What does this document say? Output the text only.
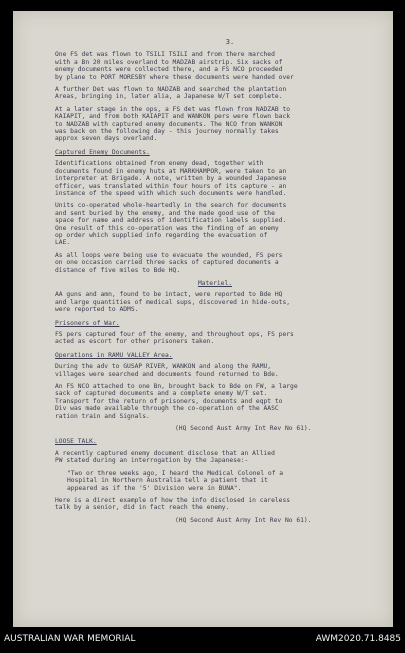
3.
One FS det was flown to TSILI TSILI and from there marched
with a Bn 20 miles overland to MADZAB airstrip. Six sacks of
enemy documents were collected there, and a FS NCO proceeded
by plane to PORT MORESBY where these documents were handed over
A further Det was flown to NADZAB and searched the plantation
Areas, bringing in, later alia, a Japanese W/T set complete.
At a later stage in the ops, a FS det was flown from NADZAB to
KAIAPIT, and from both KAIAPIT and WANKON pers were flown back
to NADZAB with captured enemy documents. The NCO from WANKON
was back on the following day - this journey normally takes
approx seven days overland.
Captured Enemy Documents.
Identifications obtained from enemy dead, together with
documents found in enemy huts at MARKHAMPOR, were taken to an
interpreter at Brigade. A note, written by a wounded Japanese
officer, was translated within four hours of its capture - an
instance of the speed with which such documents were handled.
Units co-operated whole-heartedly in the search for documents
and sent buried by the enemy, and the made good use of the
space for name and address of identification labels supplied.
One result of this co-operation was the finding of an enemy
op order which supplied info regarding the evacuation of
LAE.
As all loops were being use to evacuate the wounded, FS pers
on one occasion carried three sacks of captured documents a
distance of five miles to Bde HQ.
Materiel.
AA guns and amn, found to be intact, were reported to Bde HQ
and large quantities of medical sups, discovered in hide-outs,
were reported to ADMS.
Prisoners of War.
FS pers captured four of the enemy, and throughout ops, FS pers
acted as escort for other prisoners taken.
Operations in RAMU VALLEY Area.
During the adv to GUSAP RIVER, WANKON and along the RAMU,
villages were searched and documents found returned to Bde.
An FS NCO attached to one Bn, brought back to Bde on FW, a large
sack of captured documents and a complete enemy W/T set.
Transport for the return of prisoners, documents and eqpt to
Div was made available through the co-operation of the AASC
ration train and Signals.
(HQ Second Aust Army Int Rev No 61).
LOOSE TALK.
A recently captured enemy document disclose that an Allied
PW stated during an interrogation by the Japanese:-
"Two or three weeks ago, I heard the Medical Colonel of a
Hospital in Northern Australia tell a patient that it
appeared as if the '5' Division were in BUNA".
Here is a direct example of how the info disclosed in careless
talk by a senior, did in fact reach the enemy.
(HQ Second Aust Army Int Rev No 61).
AUSTRALIAN WAR MEMORIAL	AWM2020.71.8485
